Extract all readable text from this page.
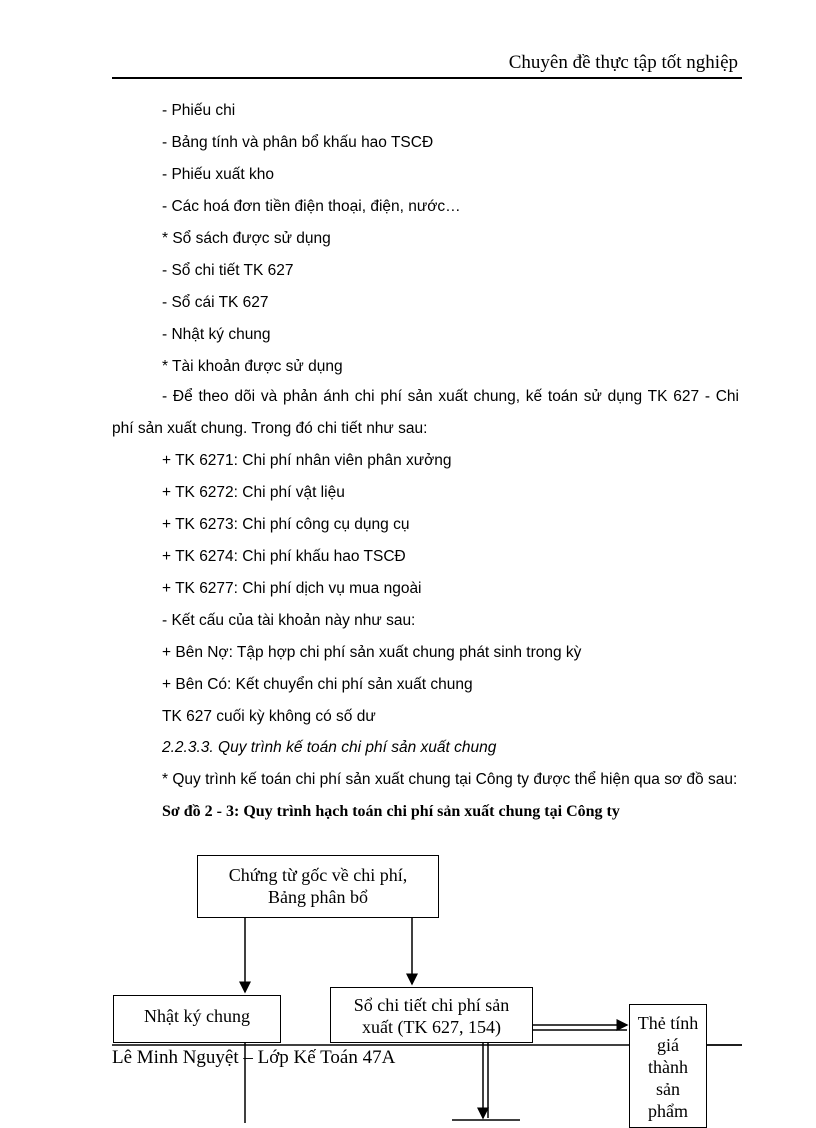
Chuyên đề thực tập tốt nghiệp
- Phiếu chi
- Bảng tính và phân bổ khấu hao TSCĐ
- Phiếu xuất kho
- Các hoá đơn tiền điện thoại, điện, nước…
* Sổ sách được sử dụng
- Sổ chi tiết TK 627
- Sổ cái TK 627
- Nhật ký chung
* Tài khoản được sử dụng
- Để theo dõi và phản ánh chi phí sản xuất chung, kế toán sử dụng TK 627 - Chi
phí sản xuất chung. Trong đó chi tiết như sau:
+ TK 6271: Chi phí nhân viên phân xưởng
+ TK 6272: Chi phí vật liệu
+ TK 6273: Chi phí công cụ dụng cụ
+ TK 6274: Chi phí khấu hao TSCĐ
+ TK 6277: Chi phí dịch vụ mua ngoài
- Kết cấu của tài khoản này như sau:
+ Bên Nợ: Tập hợp chi phí sản xuất chung phát sinh trong kỳ
+ Bên Có: Kết chuyển chi phí sản xuất chung
TK 627 cuối kỳ không có số dư
2.2.3.3. Quy trình kế toán chi phí sản xuất chung
* Quy trình kế toán chi phí sản xuất chung tại Công ty được thể hiện qua sơ đồ sau:
Sơ đồ 2 - 3: Quy trình hạch toán chi phí sản xuất chung tại Công ty
Lê Minh Nguyệt – Lớp Kế Toán 47A
Chứng từ gốc về chi phí,
Bảng phân bổ
Nhật ký chung
Sổ chi tiết chi phí sản
xuất (TK 627, 154)	Thẻ tính
giá
thành
sản
phẩm
